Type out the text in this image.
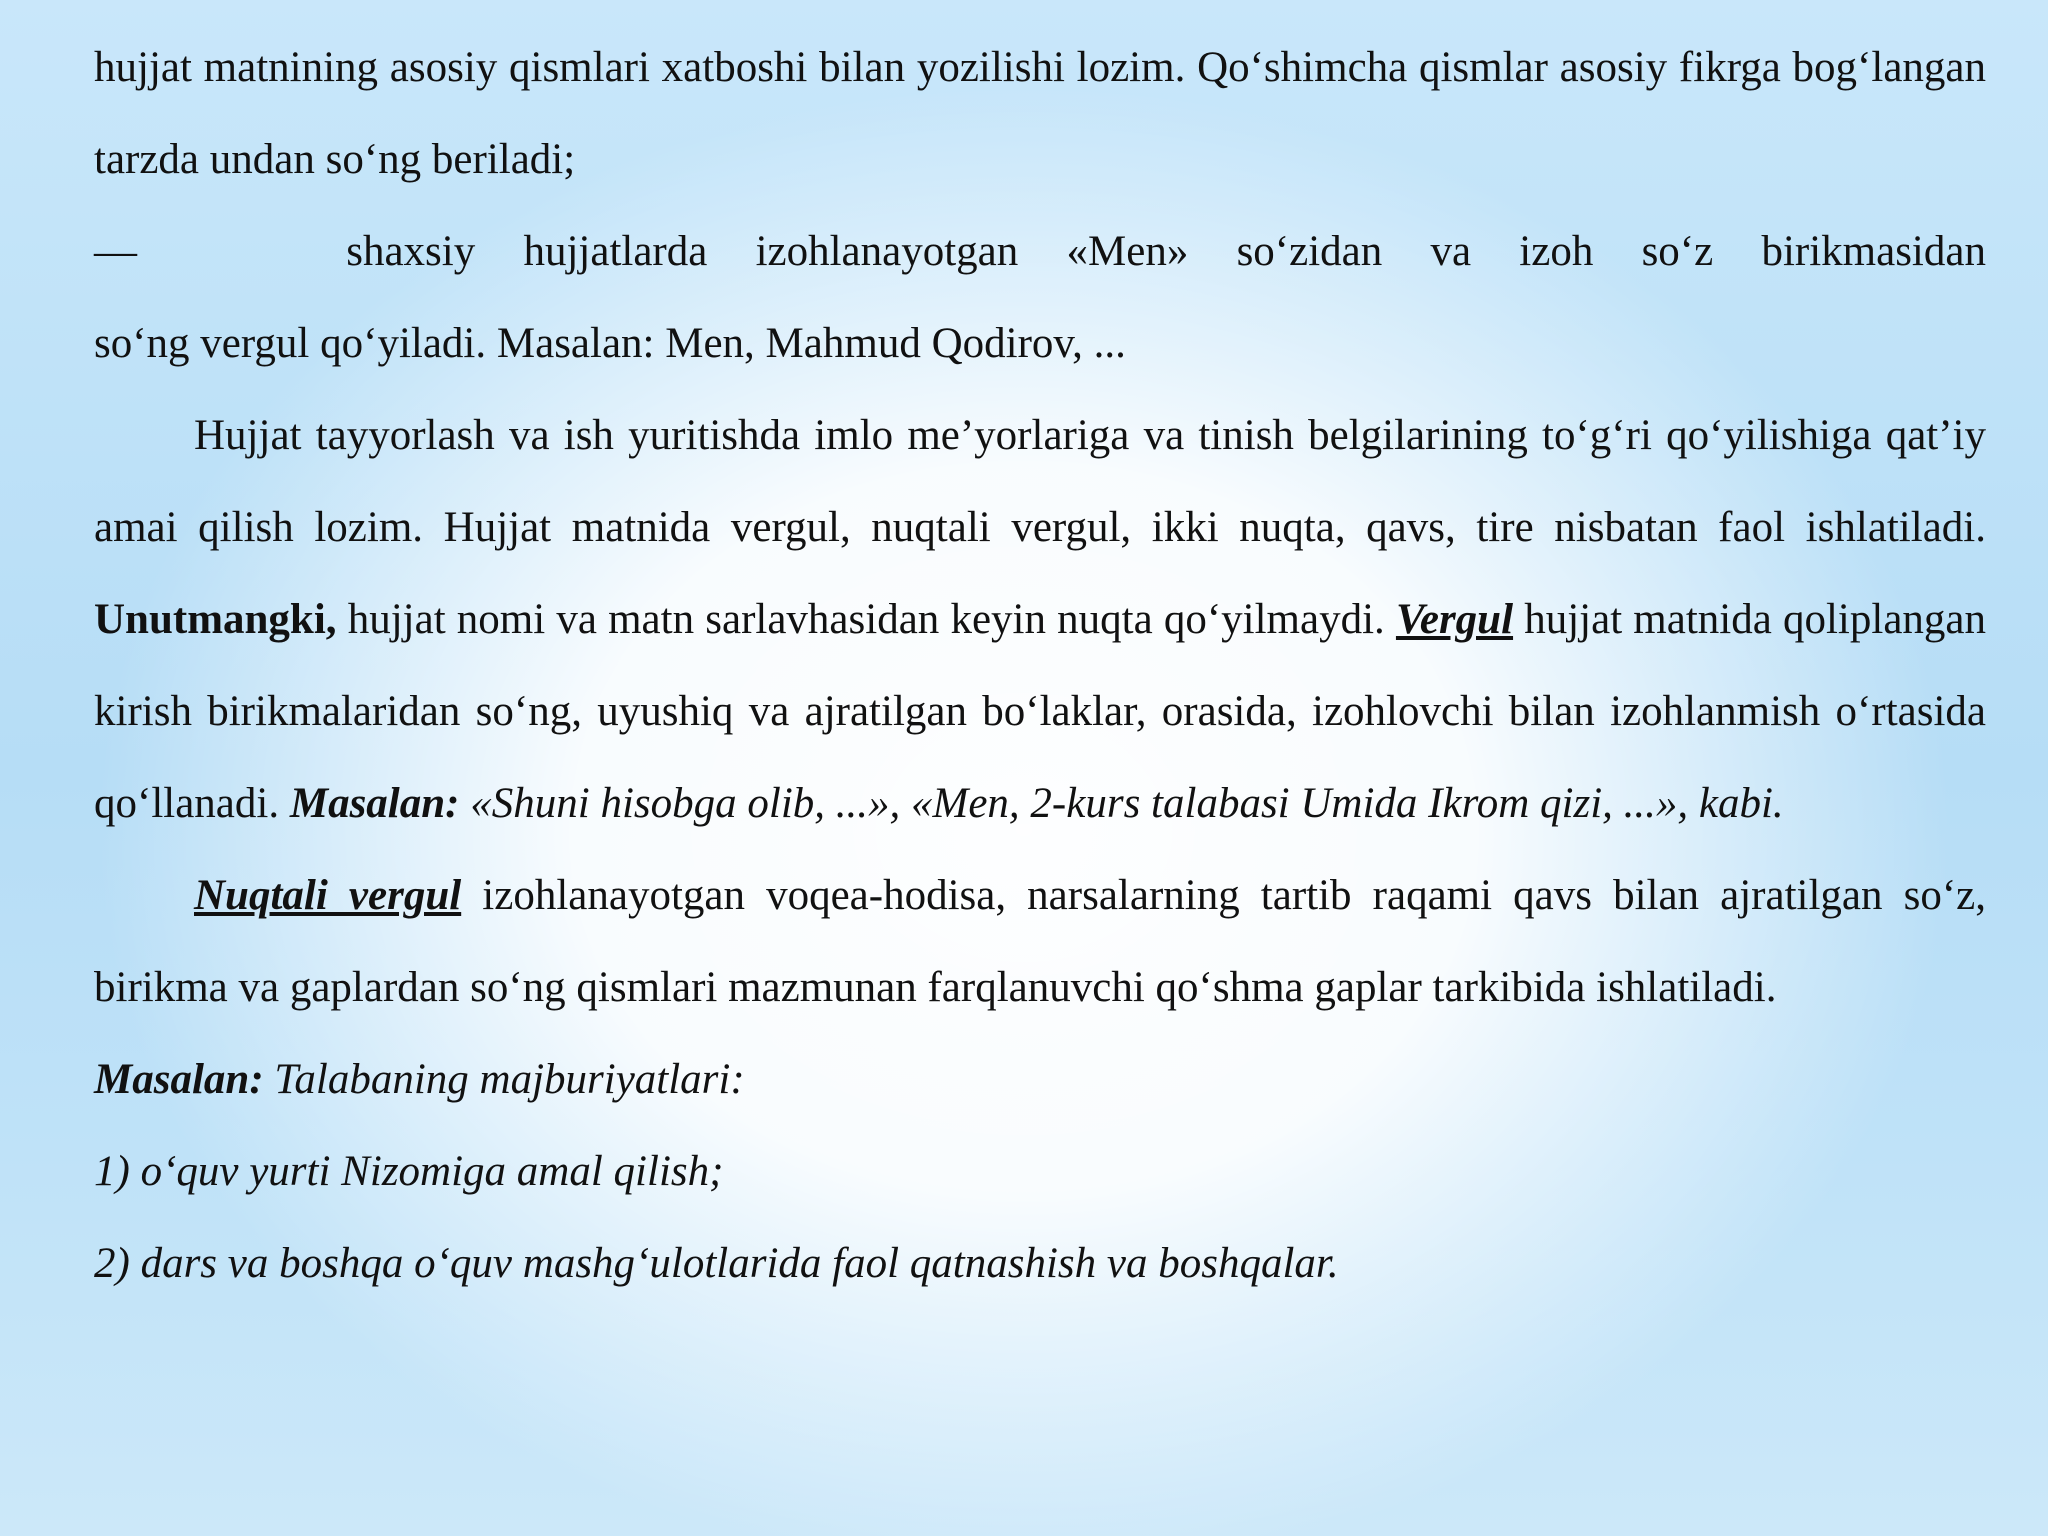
hujjat matnining asosiy qismlari xatboshi bilan yozilishi lozim. Qo‘shimcha qismlar asosiy fikrga bog‘langan tarzda undan so‘ng beriladi;

—	shaxsiy hujjatlarda izohlanayotgan «Men» so‘zidan va izoh so‘z birikmasidan

so‘ng vergul qo‘yiladi. Masalan: Men, Mahmud Qodirov, ...

Hujjat tayyorlash va ish yuritishda imlo me’yorlariga va tinish belgilarining to‘g‘ri qo‘yilishiga qat’iy amai qilish lozim. Hujjat matnida vergul, nuqtali vergul, ikki nuqta, qavs, tire nisbatan faol ishlatiladi. Unutmangki, hujjat nomi va matn sarlavhasidan keyin nuqta qo‘yilmaydi. Vergul hujjat matnida qoliplangan kirish birikmalaridan so‘ng, uyushiq va ajratilgan bo‘laklar, orasida, izohlovchi bilan izohlanmish o‘rtasida qo‘llanadi. Masalan: «Shuni hisobga olib, ...», «Men, 2-kurs talabasi Umida Ikrom qizi, ...», kabi.

Nuqtali vergul izohlanayotgan voqea-hodisa, narsalarning tartib raqami qavs bilan ajratilgan so‘z, birikma va gaplardan so‘ng qismlari mazmunan farqlanuvchi qo‘shma gaplar tarkibida ishlatiladi.

Masalan: Talabaning majburiyatlari:

1) o‘quv yurti Nizomiga amal qilish;

2) dars va boshqa o‘quv mashg‘ulotlarida faol qatnashish va boshqalar.
